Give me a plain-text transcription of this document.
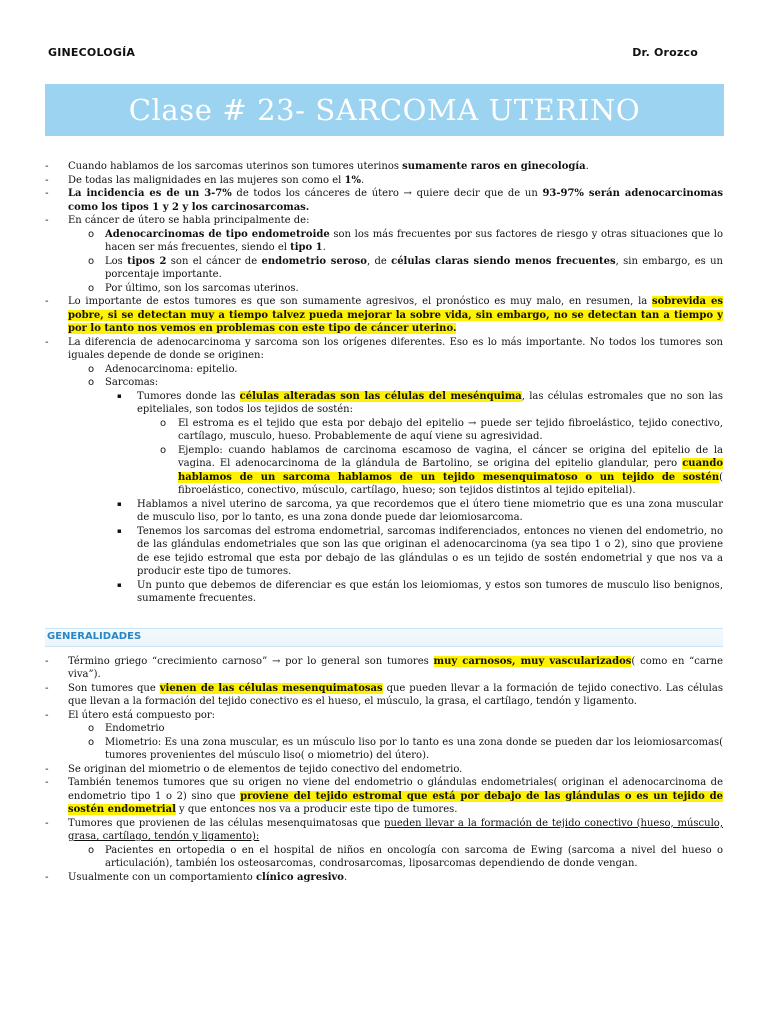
GINECOLOGÍA	Dr. Orozco
Clase # 23- SARCOMA UTERINO
- Cuando hablamos de los sarcomas uterinos son tumores uterinos sumamente raros en ginecología.
- De todas las malignidades en las mujeres son como el 1%.
- La incidencia es de un 3-7% de todos los cánceres de útero → quiere decir que de un 93-97% serán adenocarcinomas como los tipos 1 y 2 y los carcinosarcomas.
- En cáncer de útero se habla principalmente de:
o Adenocarcinomas de tipo endometroide son los más frecuentes por sus factores de riesgo y otras situaciones que lo hacen ser más frecuentes, siendo el tipo 1.
o Los tipos 2 son el cáncer de endometrio seroso, de células claras siendo menos frecuentes, sin embargo, es un porcentaje importante.
o Por último, son los sarcomas uterinos.
- Lo importante de estos tumores es que son sumamente agresivos, el pronóstico es muy malo, en resumen, la sobrevida es pobre, si se detectan muy a tiempo talvez pueda mejorar la sobre vida, sin embargo, no se detectan tan a tiempo y por lo tanto nos vemos en problemas con este tipo de cáncer uterino.
- La diferencia de adenocarcinoma y sarcoma son los orígenes diferentes. Eso es lo más importante. No todos los tumores son iguales depende de donde se originen:
o Adenocarcinoma: epitelio.
o Sarcomas:
▪ Tumores donde las células alteradas son las células del mesénquima, las células estromales que no son las epiteliales, son todos los tejidos de sostén:
o El estroma es el tejido que esta por debajo del epitelio → puede ser tejido fibroelástico, tejido conectivo, cartílago, musculo, hueso. Probablemente de aquí viene su agresividad.
o Ejemplo: cuando hablamos de carcinoma escamoso de vagina, el cáncer se origina del epitelio de la vagina. El adenocarcinoma de la glándula de Bartolino, se origina del epitelio glandular, pero cuando hablamos de un sarcoma hablamos de un tejido mesenquimatoso o un tejido de sostén( fibroelástico, conectivo, músculo, cartílago, hueso; son tejidos distintos al tejido epitelial).
▪ Hablamos a nivel uterino de sarcoma, ya que recordemos que el útero tiene miometrio que es una zona muscular de musculo liso, por lo tanto, es una zona donde puede dar leiomiosarcoma.
▪ Tenemos los sarcomas del estroma endometrial, sarcomas indiferenciados, entonces no vienen del endometrio, no de las glándulas endometriales que son las que originan el adenocarcinoma (ya sea tipo 1 o 2), sino que proviene de ese tejido estromal que esta por debajo de las glándulas o es un tejido de sostén endometrial y que nos va a producir este tipo de tumores.
▪ Un punto que debemos de diferenciar es que están los leiomiomas, y estos son tumores de musculo liso benignos, sumamente frecuentes.
GENERALIDADES
- Término griego “crecimiento carnoso” → por lo general son tumores muy carnosos, muy vascularizados( como en “carne viva”).
- Son tumores que vienen de las células mesenquimatosas que pueden llevar a la formación de tejido conectivo. Las células que llevan a la formación del tejido conectivo es el hueso, el músculo, la grasa, el cartílago, tendón y ligamento.
- El útero está compuesto por:
o Endometrio
o Miometrio: Es una zona muscular, es un músculo liso por lo tanto es una zona donde se pueden dar los leiomiosarcomas( tumores provenientes del músculo liso( o miometrio) del útero).
- Se originan del miometrio o de elementos de tejido conectivo del endometrio.
- También tenemos tumores que su origen no viene del endometrio o glándulas endometriales( originan el adenocarcinoma de endometrio tipo 1 o 2) sino que proviene del tejido estromal que está por debajo de las glándulas o es un tejido de sostén endometrial y que entonces nos va a producir este tipo de tumores.
- Tumores que provienen de las células mesenquimatosas que pueden llevar a la formación de tejido conectivo (hueso, músculo, grasa, cartílago, tendón y ligamento):
o Pacientes en ortopedia o en el hospital de niños en oncología con sarcoma de Ewing (sarcoma a nivel del hueso o articulación), también los osteosarcomas, condrosarcomas, liposarcomas dependiendo de donde vengan.
- Usualmente con un comportamiento clínico agresivo.
